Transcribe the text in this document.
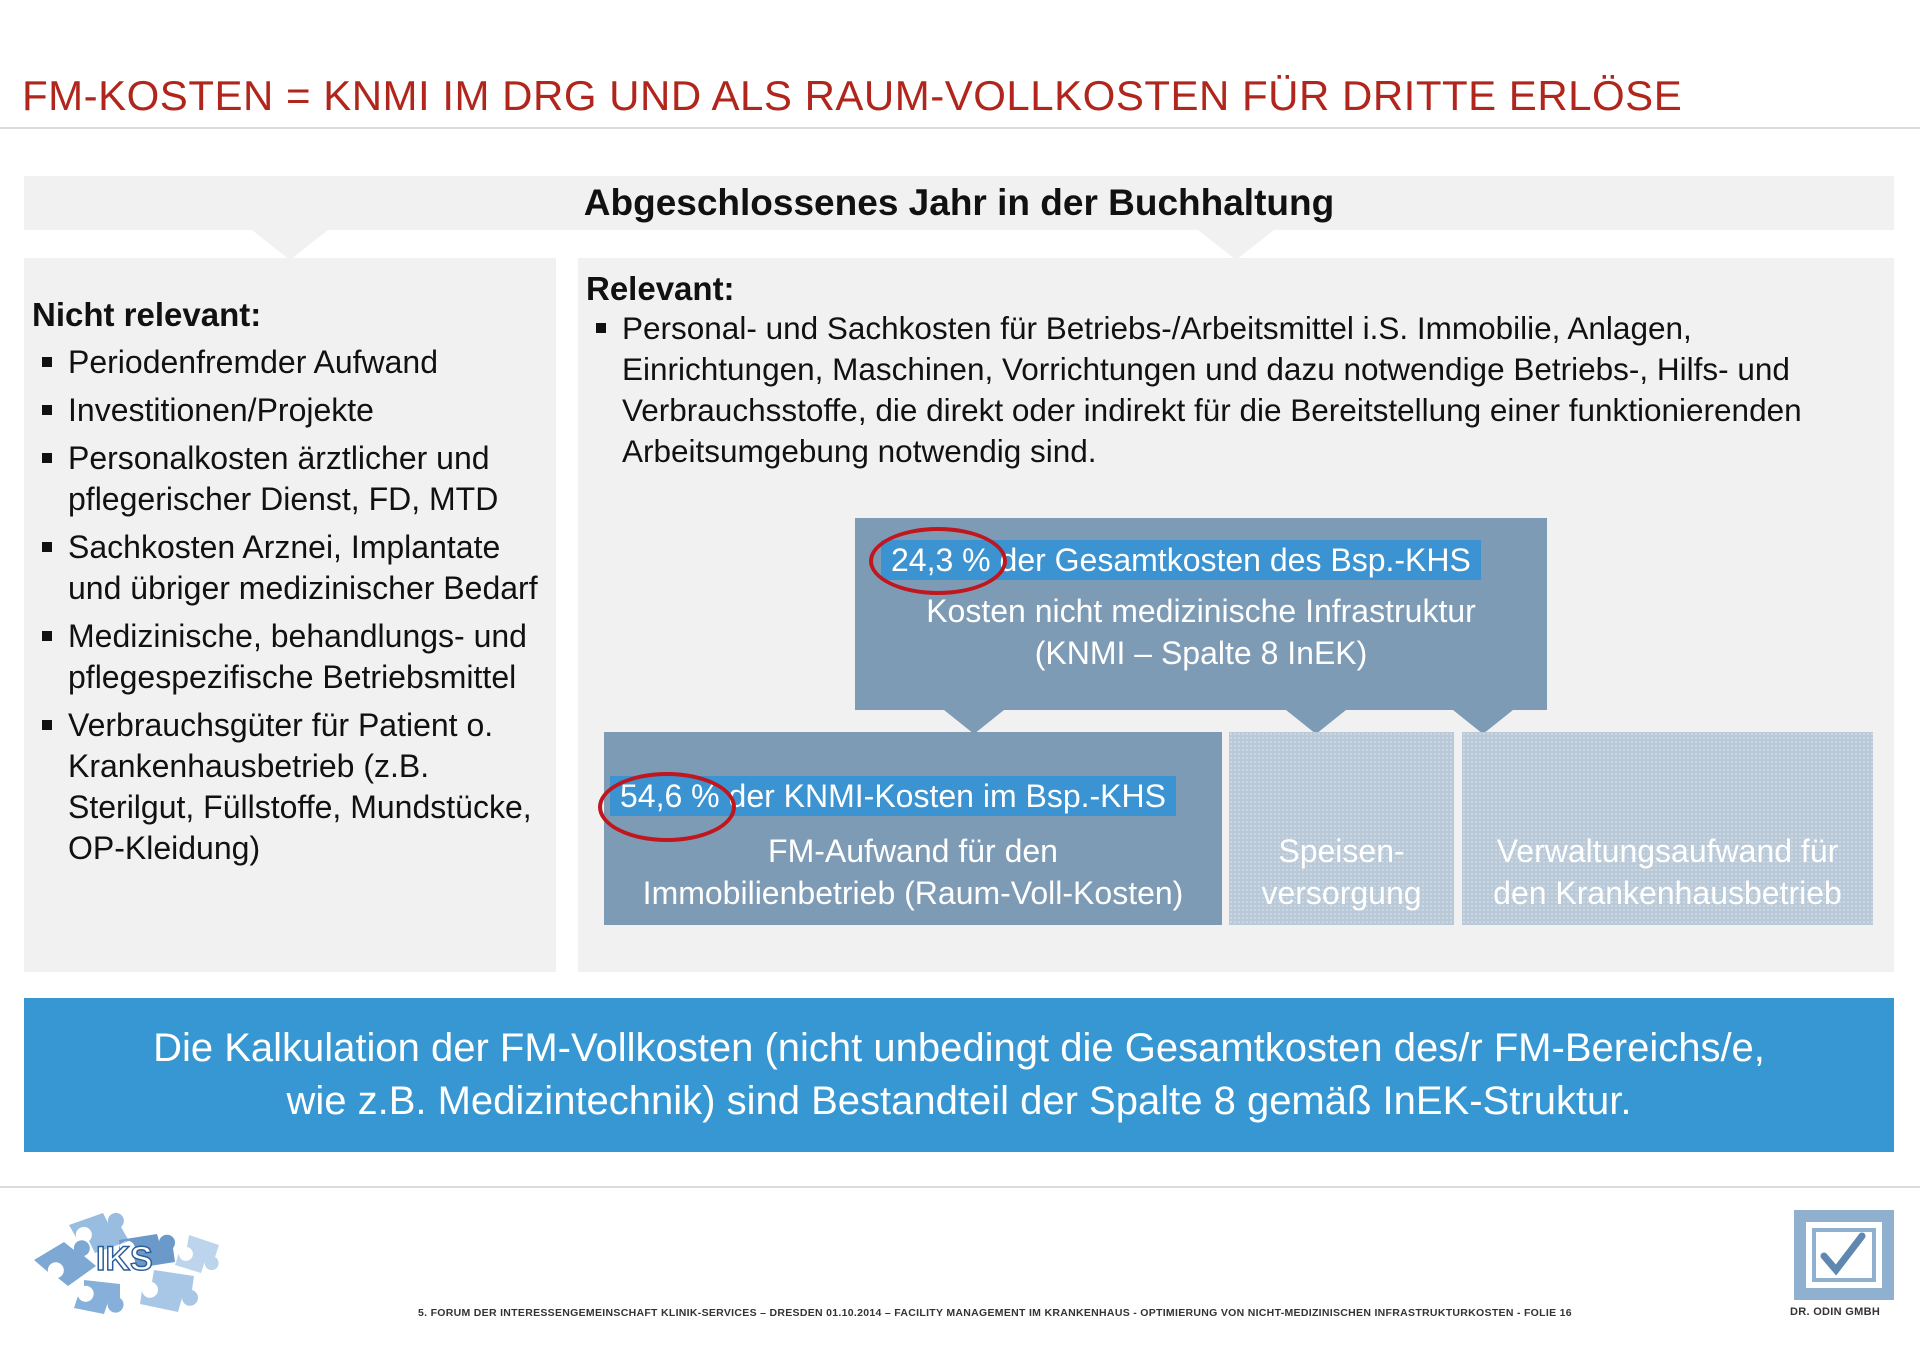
FM-KOSTEN = KNMI IM DRG UND ALS RAUM-VOLLKOSTEN FÜR DRITTE ERLÖSE
Abgeschlossenes Jahr in der Buchhaltung
Nicht relevant:
Periodenfremder Aufwand
Investitionen/Projekte
Personalkosten ärztlicher und pflegerischer Dienst, FD, MTD
Sachkosten Arznei, Implantate und übriger medizinischer Bedarf
Medizinische, behandlungs- und pflegespezifische Betriebsmittel
Verbrauchsgüter für Patient o. Krankenhausbetrieb (z.B. Sterilgut, Füllstoffe, Mundstücke, OP-Kleidung)
Relevant:
Personal- und Sachkosten für Betriebs-/Arbeitsmittel i.S. Immobilie, Anlagen, Einrichtungen, Maschinen, Vorrichtungen und dazu notwendige Betriebs-, Hilfs- und Verbrauchsstoffe, die direkt oder indirekt für die Bereitstellung einer funktionierenden Arbeitsumgebung notwendig sind.
24,3 % der Gesamtkosten des Bsp.-KHS
Kosten nicht medizinische Infrastruktur
(KNMI – Spalte 8 InEK)
54,6 % der KNMI-Kosten im Bsp.-KHS
FM-Aufwand für den
Immobilienbetrieb (Raum-Voll-Kosten)
Speisen-
versorgung
Verwaltungsaufwand für
den Krankenhausbetrieb
Die Kalkulation der FM-Vollkosten (nicht unbedingt die Gesamtkosten des/r FM-Bereichs/e,
wie z.B. Medizintechnik) sind Bestandteil der Spalte 8 gemäß InEK-Struktur.
IKS
5. FORUM DER INTERESSENGEMEINSCHAFT KLINIK-SERVICES – DRESDEN 01.10.2014 – FACILITY MANAGEMENT IM KRANKENHAUS - OPTIMIERUNG VON NICHT-MEDIZINISCHEN INFRASTRUKTURKOSTEN - FOLIE 16	DR. ODIN GMBH
